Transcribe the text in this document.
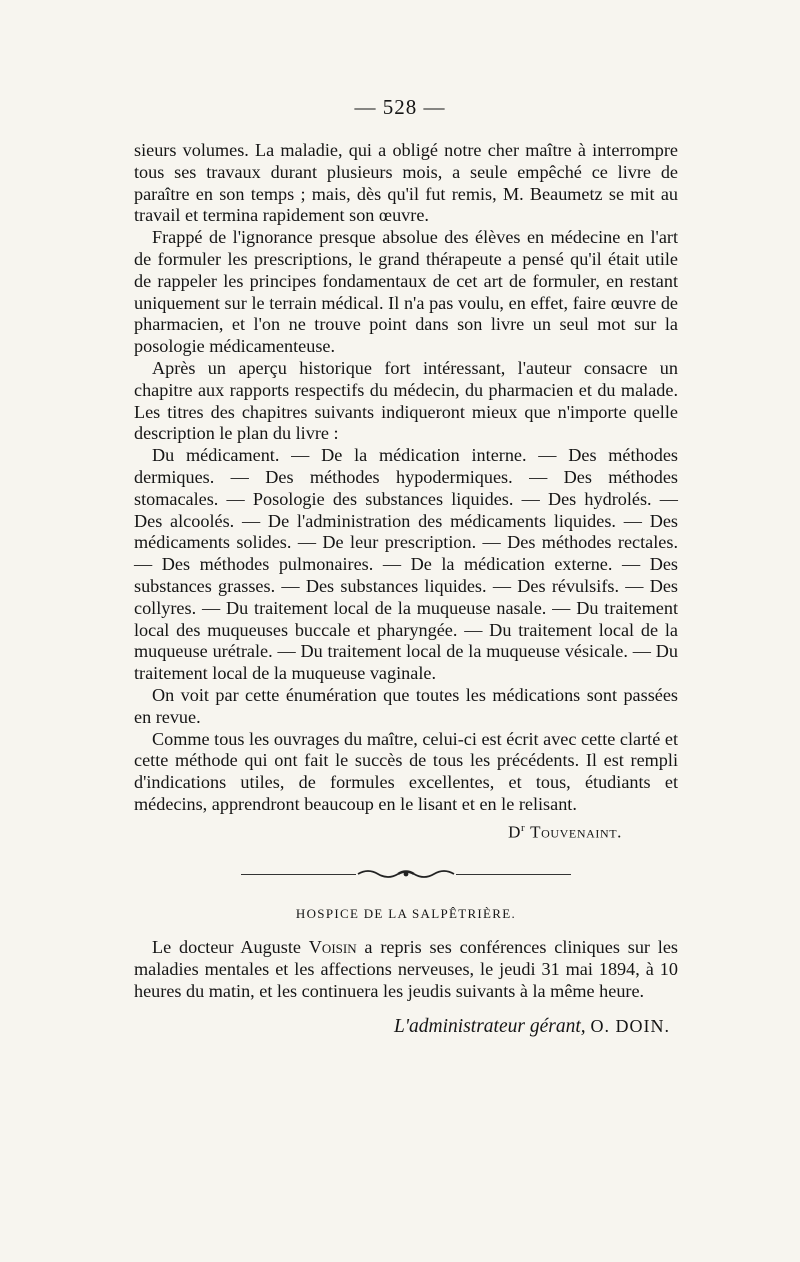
— 528 —

sieurs volumes. La maladie, qui a obligé notre cher maître à interrompre tous ses travaux durant plusieurs mois, a seule empêché ce livre de paraître en son temps ; mais, dès qu'il fut remis, M. Beaumetz se mit au travail et termina rapidement son œuvre.

Frappé de l'ignorance presque absolue des élèves en médecine en l'art de formuler les prescriptions, le grand thérapeute a pensé qu'il était utile de rappeler les principes fondamentaux de cet art de formuler, en restant uniquement sur le terrain médical. Il n'a pas voulu, en effet, faire œuvre de pharmacien, et l'on ne trouve point dans son livre un seul mot sur la posologie médicamenteuse.

Après un aperçu historique fort intéressant, l'auteur consacre un chapitre aux rapports respectifs du médecin, du pharmacien et du malade. Les titres des chapitres suivants indiqueront mieux que n'importe quelle description le plan du livre :

Du médicament. — De la médication interne. — Des méthodes dermiques. — Des méthodes hypodermiques. — Des méthodes stomacales. — Posologie des substances liquides. — Des hydrolés. — Des alcoolés. — De l'administration des médicaments liquides. — Des médicaments solides. — De leur prescription. — Des méthodes rectales. — Des méthodes pulmonaires. — De la médication externe. — Des substances grasses. — Des substances liquides. — Des révulsifs. — Des collyres. — Du traitement local de la muqueuse nasale. — Du traitement local des muqueuses buccale et pharyngée. — Du traitement local de la muqueuse urétrale. — Du traitement local de la muqueuse vésicale. — Du traitement local de la muqueuse vaginale.

On voit par cette énumération que toutes les médications sont passées en revue.

Comme tous les ouvrages du maître, celui-ci est écrit avec cette clarté et cette méthode qui ont fait le succès de tous les précédents. Il est rempli d'indications utiles, de formules excellentes, et tous, étudiants et médecins, apprendront beaucoup en le lisant et en le relisant.

$D^r$ Touvenaint.
HOSPICE DE LA SALPÊTRIÈRE.

Le docteur Auguste Voisin a repris ses conférences cliniques sur les maladies mentales et les affections nerveuses, le jeudi 31 mai 1894, à 10 heures du matin, et les continuera les jeudis suivants à la même heure.

L'administrateur gérant, O. DOIN.
